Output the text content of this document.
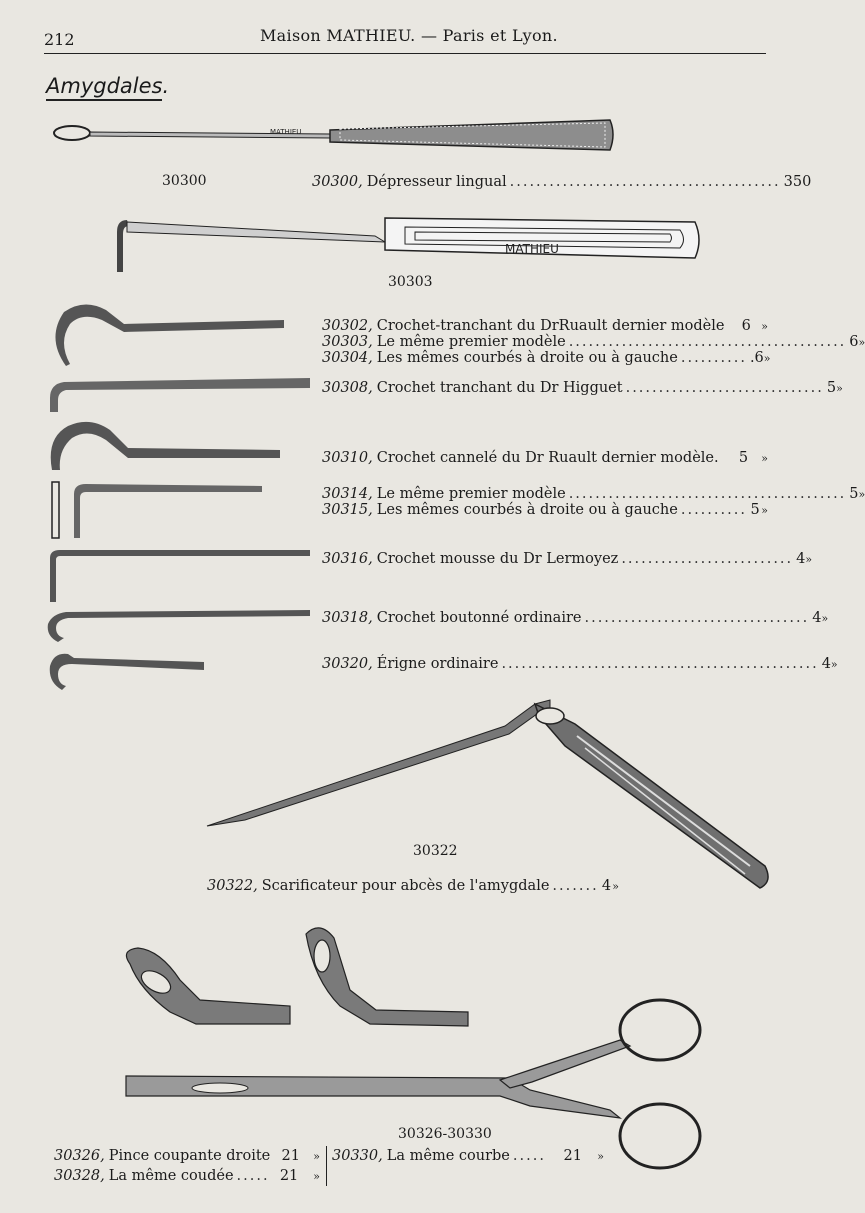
212	Maison MATHIEU. — Paris et Lyon.
Amygdales.
MATHIEU
MATHIEU
30300
30303
30300, Dépresseur lingual ......................................... 3 50
30302, Crochet-tranchant du DrRuault dernier modèle	6 »
30303, Le même premier modèle .......................................... 6 »
30304, Les mêmes courbés à droite ou à gauche .......... .6 »
30308, Crochet tranchant du Dr Higguet .............................. 5 »
30310, Crochet cannelé du Dr Ruault dernier modèle.	5	»
30314, Le même premier modèle .......................................... 5 »
30315, Les mêmes courbés à droite ou à gauche .......... 5 »
30316, Crochet mousse du Dr Lermoyez .......................... 4 »
30318, Crochet boutonné ordinaire .................................. 4 »
30320, Érigne ordinaire ................................................ 4 »
30322
30322, Scarificateur pour abcès de l'amygdale ....... 4 »
30326-30330
30326, Pince coupante droite 21	»
30328, La même coudée ..... 21	»
30330, La même courbe .....	21	»
